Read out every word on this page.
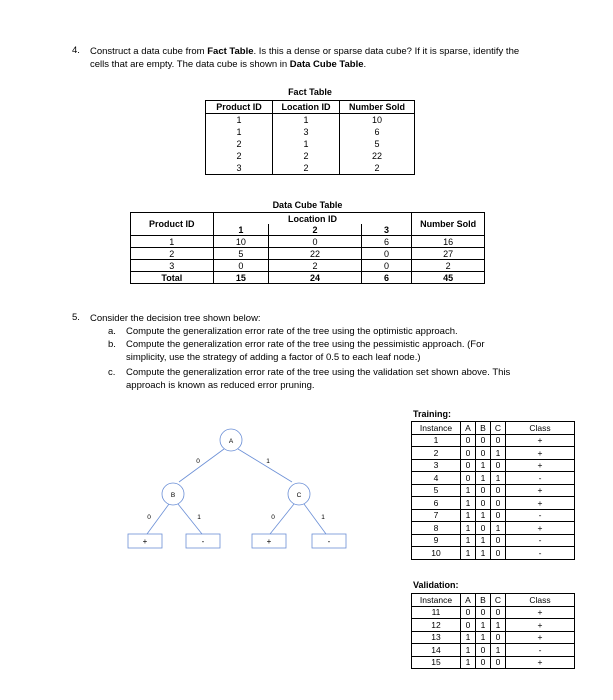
4. Construct a data cube from Fact Table. Is this a dense or sparse data cube? If it is sparse, identify the
cells that are empty. The data cube is shown in Data Cube Table.
Fact Table
Product ID	Location ID	Number Sold
1	1	10
1	3	6
2	1	5
2	2	22
3	2	2
Data Cube Table
Product ID	Location ID			Number Sold
	1	2	3	
1	10	0	6	16
2	5	22	0	27
3	0	2	0	2
Total	15	24	6	45
5. Consider the decision tree shown below:
a. Compute the generalization error rate of the tree using the optimistic approach.
b. Compute the generalization error rate of the tree using the pessimistic approach. (For
simplicity, use the strategy of adding a factor of 0.5 to each leaf node.)
c. Compute the generalization error rate of the tree using the validation set shown above. This
approach is known as reduced error pruning.
A
B	C
0	1
0	1	0	1
+	-	+	-
Training:
Instance	A	B	C	Class
1	0	0	0	+
2	0	0	1	+
3	0	1	0	+
4	0	1	1	-
5	1	0	0	+
6	1	0	0	+
7	1	1	0	-
8	1	0	1	+
9	1	1	0	-
10	1	1	0	-
Validation:
Instance	A	B	C	Class
11	0	0	0	+
12	0	1	1	+
13	1	1	0	+
14	1	0	1	-
15	1	0	0	+
